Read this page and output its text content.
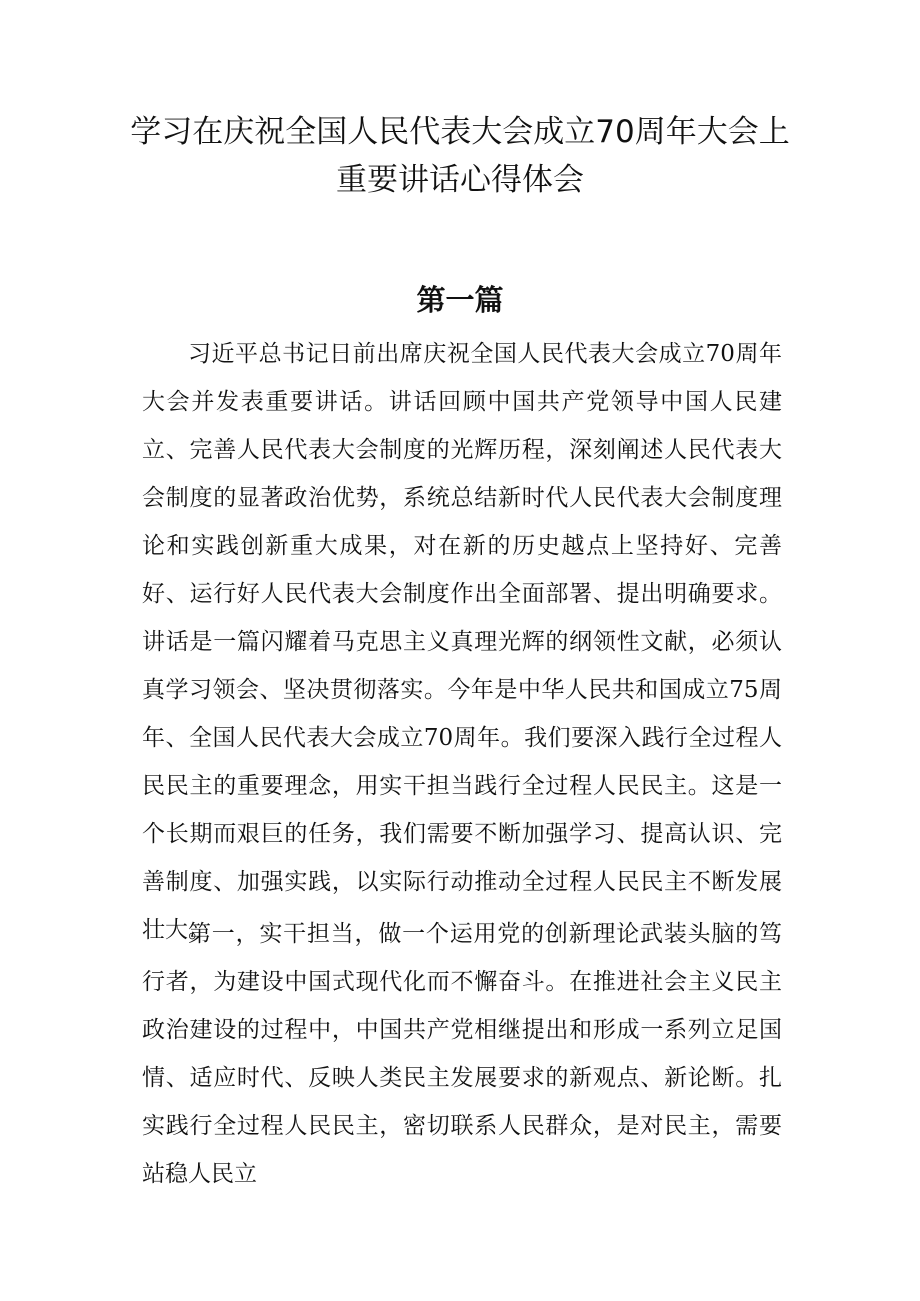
学习在庆祝全国人民代表大会成立70周年大会上
重要讲话心得体会
第一篇

习近平总书记日前出席庆祝全国人民代表大会成立70周年大会并发表重要讲话。讲话回顾中国共产党领导中国人民建立、完善人民代表大会制度的光辉历程，深刻阐述人民代表大会制度的显著政治优势，系统总结新时代人民代表大会制度理论和实践创新重大成果，对在新的历史越点上坚持好、完善好、运行好人民代表大会制度作出全面部署、提出明确要求。讲话是一篇闪耀着马克思主义真理光辉的纲领性文献，必须认真学习领会、坚决贯彻落实。今年是中华人民共和国成立75周年、全国人民代表大会成立70周年。我们要深入践行全过程人民民主的重要理念，用实干担当践行全过程人民民主。这是一个长期而艰巨的任务，我们需要不断加强学习、提高认识、完善制度、加强实践，以实际行动推动全过程人民民主不断发展壮大。

第一，实干担当，做一个运用党的创新理论武装头脑的笃行者，为建设中国式现代化而不懈奋斗。在推进社会主义民主政治建设的过程中，中国共产党相继提出和形成一系列立足国情、适应时代、反映人类民主发展要求的新观点、新论断。扎实践行全过程人民民主，密切联系人民群众，是对民主，需要站稳人民立
